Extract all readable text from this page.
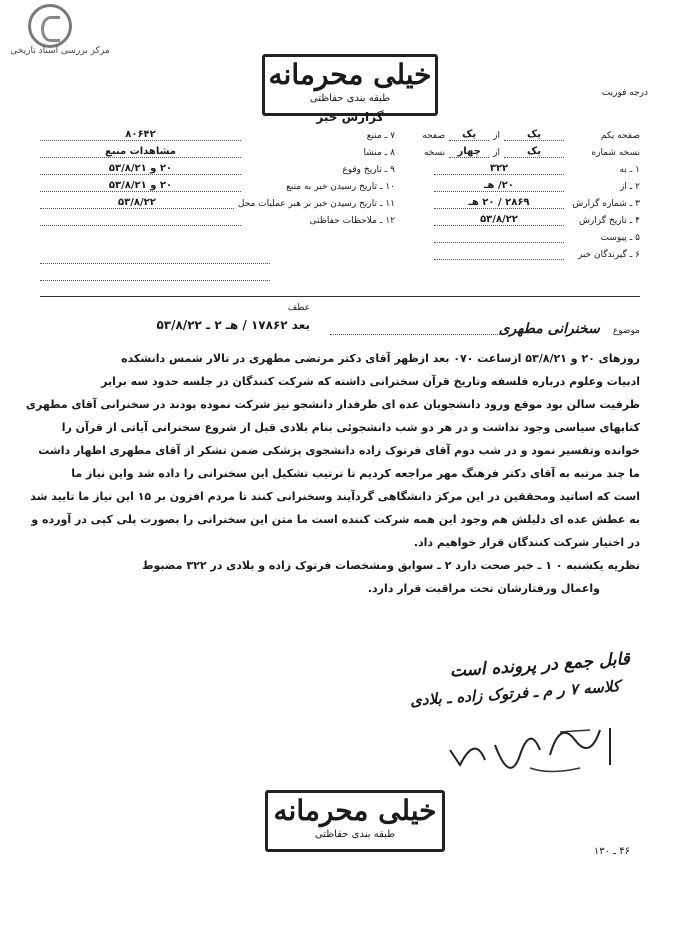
مرکز بررسی اسناد تاریخی
خیلی محرمانه
طبقه بندی حفاظتی	درجه فوریت
گزارش خبر
صفحه یکم
یک
از
یک
صفحه
نسخه شماره
یک
از
چهار
نسخه
۱ ـ به
۳۲۲
۲ ـ از
۲۰/ هـ
۳ ـ شماره گزارش
۲۸۶۹ / ۲۰ هـ
۴ ـ تاریخ گزارش
۵۳/۸/۲۲
۵ ـ پیوست
۶ ـ گیرندگان خبر
۷ ـ منبع
۸۰۶۴۲
۸ ـ منشا
مشاهدات منبع
۹ ـ تاریخ وقوع
۲۰ و ۵۳/۸/۲۱
۱۰ ـ تاریخ رسیدن خبر به منبع
۲۰ و ۵۳/۸/۲۱
۱۱ ـ تاریخ رسیدن خبر بر هبر عملیات محل
۵۳/۸/۲۲
۱۲ ـ ملاحظات حفاظتی
عطف
بعد ۱۷۸۶۲ / هـ ۲ ـ ۵۳/۸/۲۲	موضوع سخنرانی مطهری
روزهای ۲۰ و ۵۳/۸/۲۱ ازساعت ۰۷۰ بعد ازظهر آقای دکتر مرتضی مطهری در تالار شمس دانشکده
ادبیات وعلوم درباره فلسفه وتاریخ قرآن سخنرانی داشته که شرکت کنندگان در جلسه حدود سه برابر
ظرفیت سالن بود موقع ورود دانشجویان عده ای طرفدار دانشجو نیز شرکت نموده بودند در سخنرانی آقای مطهری
کتابهای سیاسی وجود نداشت و در هر دو شب دانشجوئی بنام بلادی قبل از شروع سخنرانی آیاتی از قرآن را
خوانده وتفسیر نمود و در شب دوم آقای فرتوک زاده دانشجوی پزشکی ضمن تشکر از آقای مطهری اظهار داشت
ما چند مرتبه به آقای دکتر فرهنگ مهر مراجعه کردیم تا ترتیب تشکیل این سخنرانی را داده شد واین نیاز ما
است که اساتید ومحققین در این مرکز دانشگاهی گردآیند وسخنرانی کنند تا مردم افزون بر ۱۵ این نیاز ما تایید شد
به عطش عده ای دلیلش هم وجود این همه شرکت کننده است ما متن این سخنرانی را بصورت پلی کپی در آورده و
در اختیار شرکت کنندگان قرار خواهیم داد.
نظریه یکشنبه ۰ ۱ ـ خبر صحت دارد ۲ ـ سوابق ومشخصات فرتوک زاده و بلادی در ۳۲۲ مضبوط
واعمال ورفتارشان تحت مراقبت قرار دارد.
قابل جمع در پرونده است
کلاسه ۷ ر م ـ فرتوک زاده ـ بلادی
خیلی محرمانه
طبقه بندی حفاظتی
۴۶ ـ ۱۳۰
